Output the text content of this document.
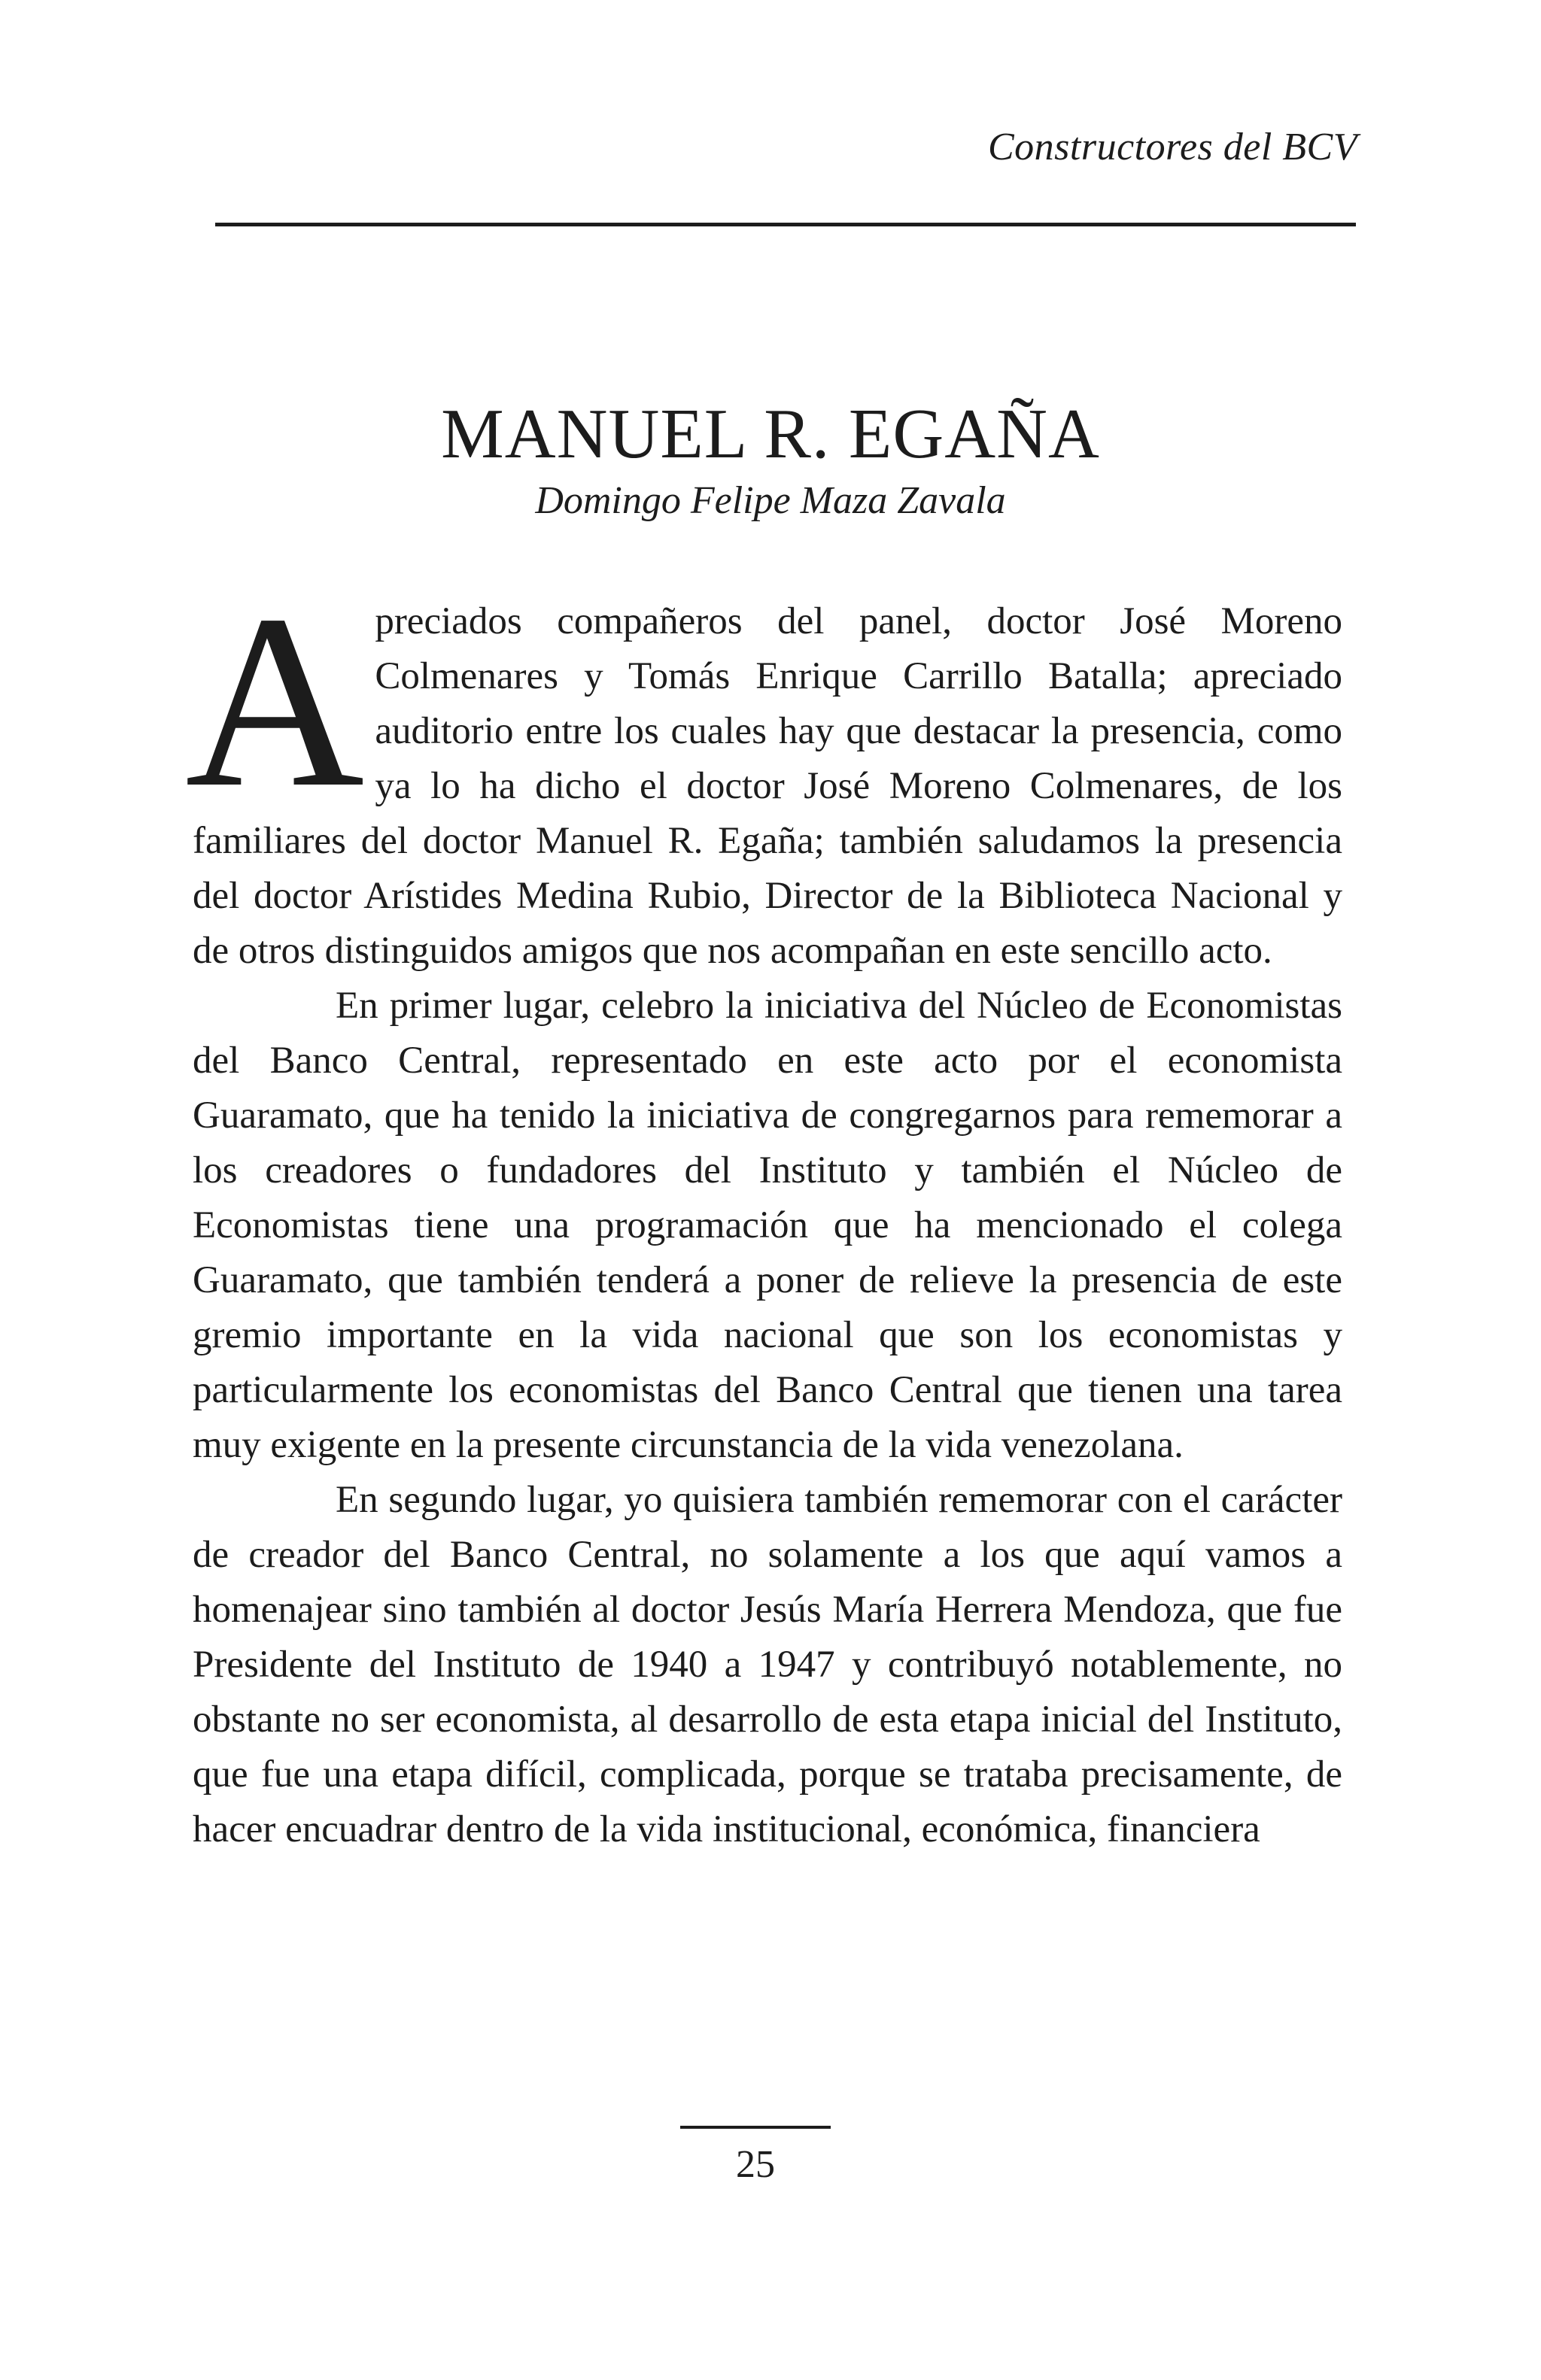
Constructores del BCV
MANUEL R. EGAÑA
Domingo Felipe Maza Zavala

Apreciados compañeros del panel, doctor José Moreno Colmenares y Tomás Enrique Carrillo Batalla; apreciado auditorio entre los cuales hay que destacar la presencia, como ya lo ha dicho el doctor José Moreno Colmenares, de los familiares del doctor Manuel R. Egaña; también saludamos la presencia del doctor Arístides Medina Rubio, Director de la Biblioteca Nacional y de otros distinguidos amigos que nos acompañan en este sencillo acto.

En primer lugar, celebro la iniciativa del Núcleo de Economistas del Banco Central, representado en este acto por el economista Guaramato, que ha tenido la iniciativa de congregarnos para rememorar a los creadores o fundadores del Instituto y también el Núcleo de Economistas tiene una programación que ha mencionado el colega Guaramato, que también tenderá a poner de relieve la presencia de este gremio importante en la vida nacional que son los economistas y particularmente los economistas del Banco Central que tienen una tarea muy exigente en la presente circunstancia de la vida venezolana.

En segundo lugar, yo quisiera también rememorar con el carácter de creador del Banco Central, no solamente a los que aquí vamos a homenajear sino también al doctor Jesús María Herrera Mendoza, que fue Presidente del Instituto de 1940 a 1947 y contribuyó notablemente, no obstante no ser economista, al desarrollo de esta etapa inicial del Instituto, que fue una etapa difícil, complicada, porque se trataba precisamente, de hacer encuadrar dentro de la vida institucional, económica, financiera

25
